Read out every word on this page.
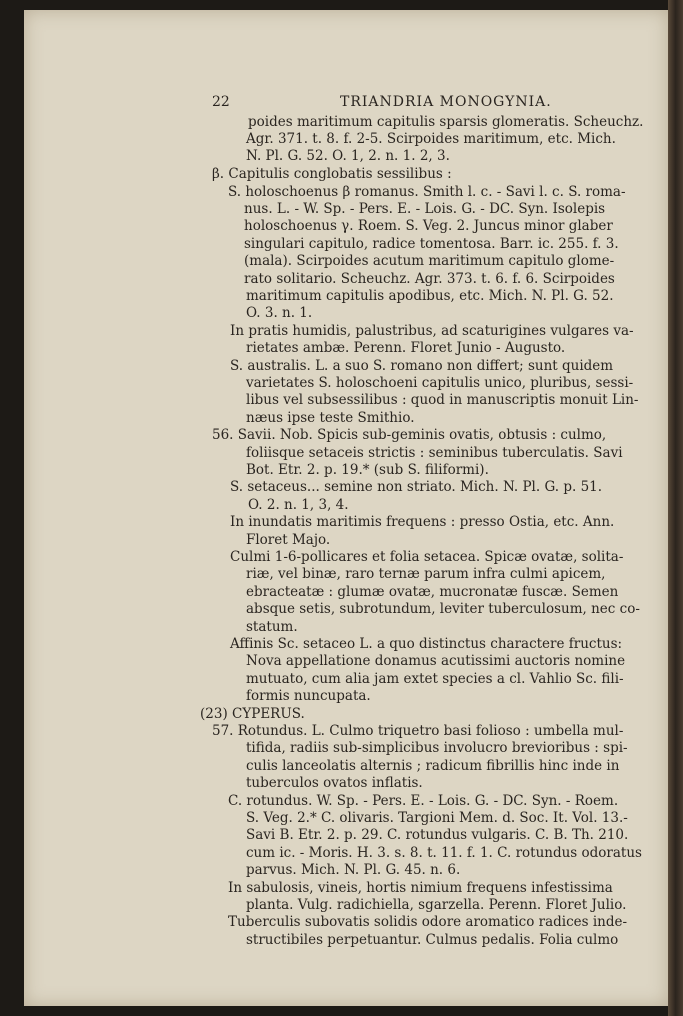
22	TRIANDRIA MONOGYNIA.
poides maritimum capitulis sparsis glomeratis. Scheuchz.
Agr. 371. t. 8. f. 2-5. Scirpoides maritimum, etc. Mich.
N. Pl. G. 52. O. 1, 2. n. 1. 2, 3.
β. Capitulis conglobatis sessilibus :
S. holoschoenus β romanus. Smith l. c. - Savi l. c. S. roma-
nus. L. - W. Sp. - Pers. E. - Lois. G. - DC. Syn. Isolepis
holoschoenus γ. Roem. S. Veg. 2. Juncus minor glaber
singulari capitulo, radice tomentosa. Barr. ic. 255. f. 3.
(mala). Scirpoides acutum maritimum capitulo glome-
rato solitario. Scheuchz. Agr. 373. t. 6. f. 6. Scirpoides
maritimum capitulis apodibus, etc. Mich. N. Pl. G. 52.
O. 3. n. 1.
In pratis humidis, palustribus, ad scaturigines vulgares va-
rietates ambæ. Perenn. Floret Junio - Augusto.
S. australis. L. a suo S. romano non differt; sunt quidem
varietates S. holoschoeni capitulis unico, pluribus, sessi-
libus vel subsessilibus : quod in manuscriptis monuit Lin-
næus ipse teste Smithio.
56. Savii. Nob. Spicis sub-geminis ovatis, obtusis : culmo,
foliisque setaceis strictis : seminibus tuberculatis. Savi
Bot. Etr. 2. p. 19.* (sub S. filiformi).
S. setaceus... semine non striato. Mich. N. Pl. G. p. 51.
O. 2. n. 1, 3, 4.
In inundatis maritimis frequens : presso Ostia, etc. Ann.
Floret Majo.
Culmi 1-6-pollicares et folia setacea. Spicæ ovatæ, solita-
riæ, vel binæ, raro ternæ parum infra culmi apicem,
ebracteatæ : glumæ ovatæ, mucronatæ fuscæ. Semen
absque setis, subrotundum, leviter tuberculosum, nec co-
statum.
Affinis Sc. setaceo L. a quo distinctus charactere fructus:
Nova appellatione donamus acutissimi auctoris nomine
mutuato, cum alia jam extet species a cl. Vahlio Sc. fili-
formis nuncupata.
(23) CYPERUS.
57. Rotundus. L. Culmo triquetro basi folioso : umbella mul-
tifida, radiis sub-simplicibus involucro brevioribus : spi-
culis lanceolatis alternis ; radicum fibrillis hinc inde in
tuberculos ovatos inflatis.
C. rotundus. W. Sp. - Pers. E. - Lois. G. - DC. Syn. - Roem.
S. Veg. 2.* C. olivaris. Targioni Mem. d. Soc. It. Vol. 13.-
Savi B. Etr. 2. p. 29. C. rotundus vulgaris. C. B. Th. 210.
cum ic. - Moris. H. 3. s. 8. t. 11. f. 1. C. rotundus odoratus
parvus. Mich. N. Pl. G. 45. n. 6.
In sabulosis, vineis, hortis nimium frequens infestissima
planta. Vulg. radichiella, sgarzella. Perenn. Floret Julio.
Tuberculis subovatis solidis odore aromatico radices inde-
structibiles perpetuantur. Culmus pedalis. Folia culmo
